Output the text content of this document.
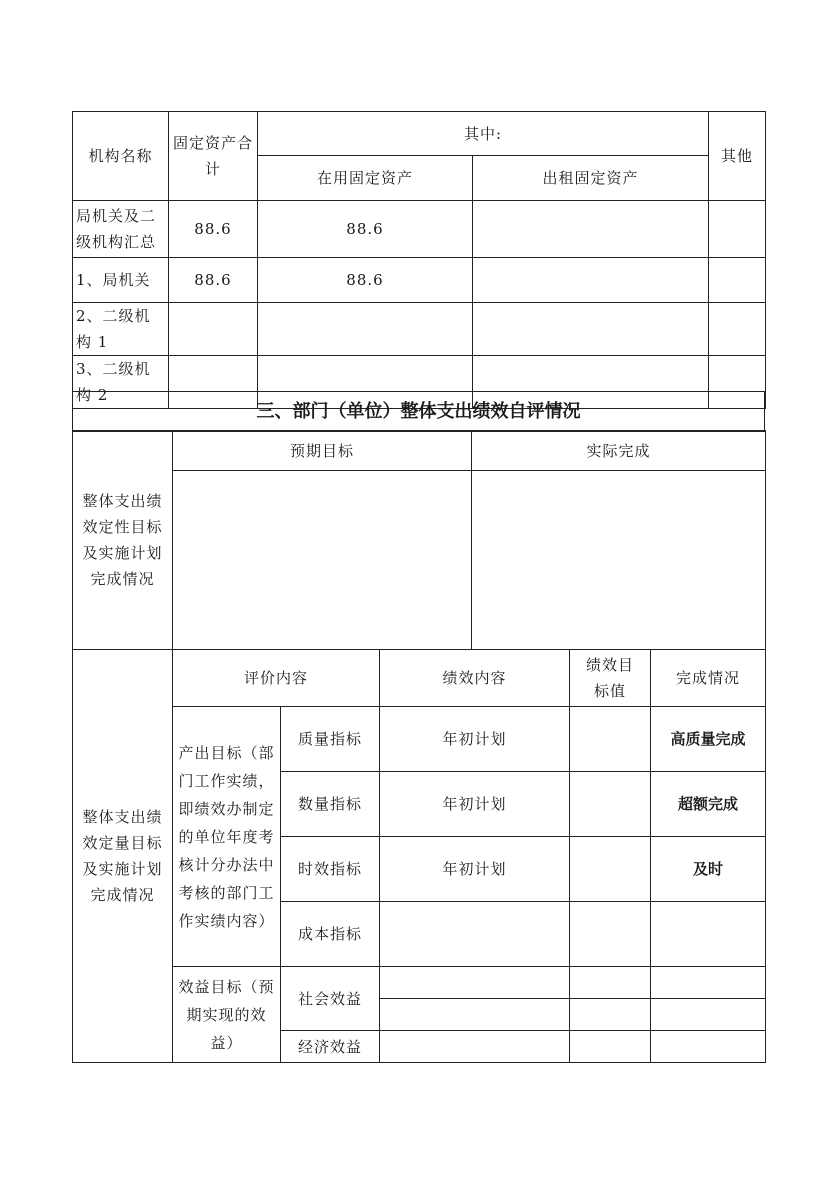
机构名称	固定资产合计	其中:		其他
		在用固定资产	出租固定资产	
局机关及二级机构汇总	88.6	88.6		
1、局机关	88.6	88.6		
2、二级机构 1				
3、二级机构 2				
三、部门（单位）整体支出绩效自评情况
整体支出绩效定性目标及实施计划完成情况	预期目标	实际完成

整体支出绩效定量目标及实施计划完成情况	评价内容		绩效内容	绩效目标值	完成情况
	产出目标（部门工作实绩，即绩效办制定的单位年度考核计分办法中考核的部门工作实绩内容）	质量指标	年初计划		高质量完成
		数量指标	年初计划		超额完成
		时效指标	年初计划		及时
		成本指标			
	效益目标（预期实现的效益）	社会效益			

		经济效益			
